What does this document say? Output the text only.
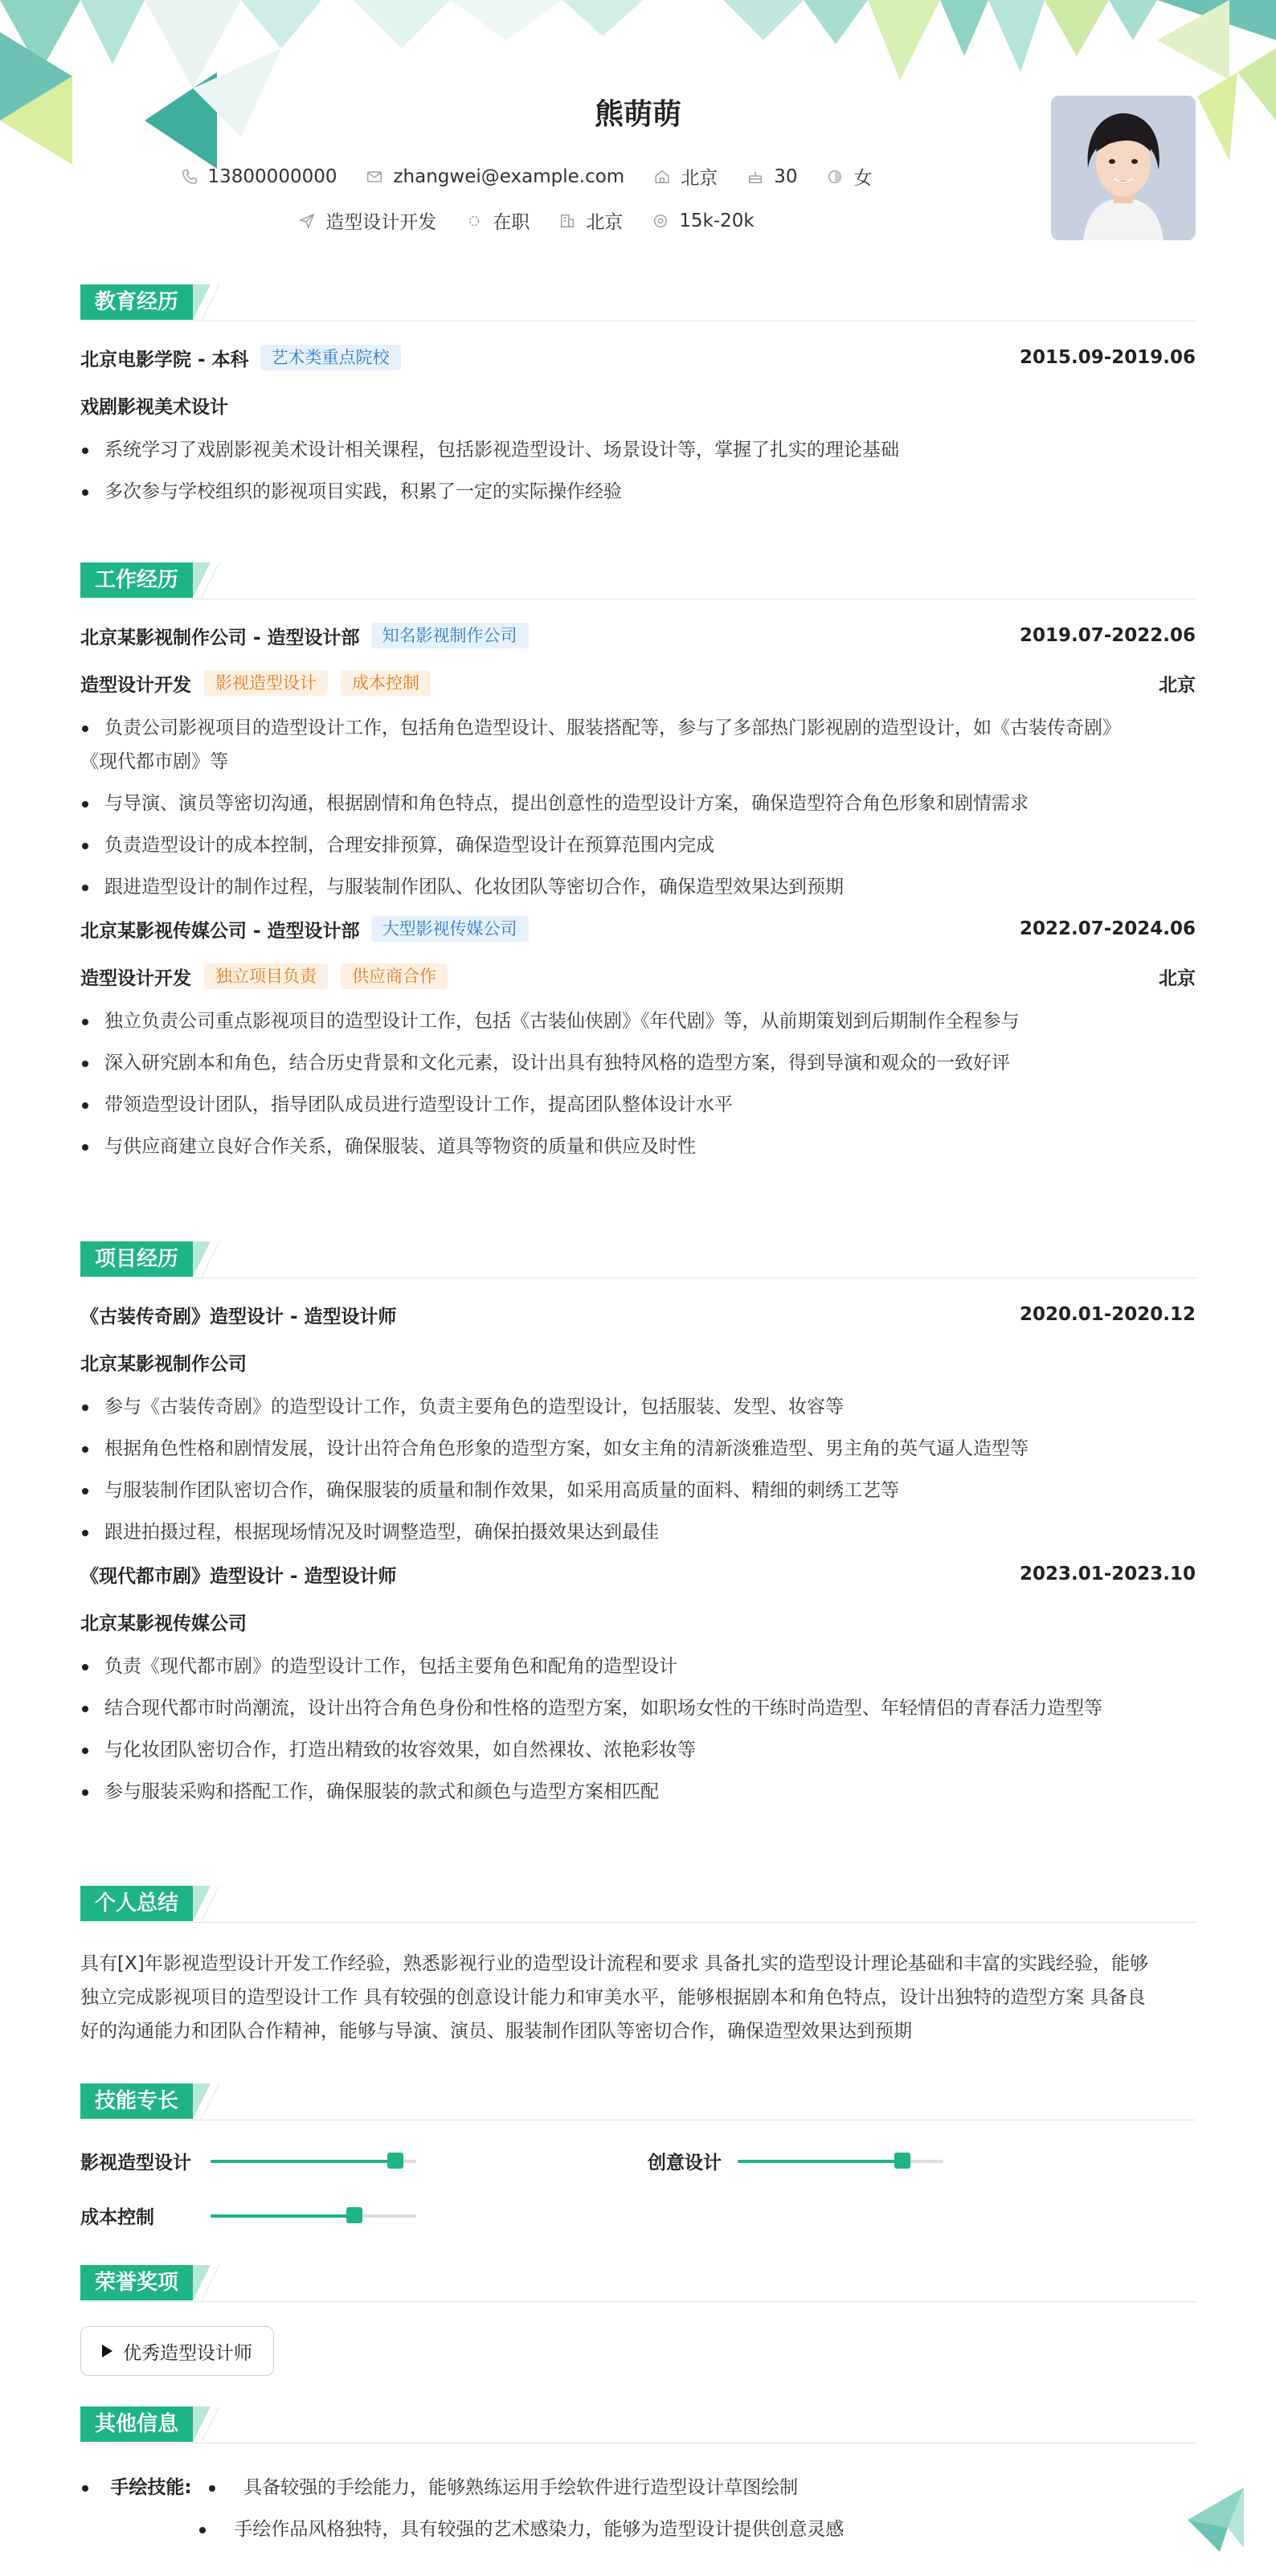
熊萌萌
13800000000	zhangwei@example.com	北京	30	女
造型设计开发	在职	北京	15k-20k
教育经历
北京电影学院 - 本科	艺术类重点院校	2015.09-2019.06
戏剧影视美术设计
系统学习了戏剧影视美术设计相关课程，包括影视造型设计、场景设计等，掌握了扎实的理论基础
多次参与学校组织的影视项目实践，积累了一定的实际操作经验
工作经历
北京某影视制作公司 - 造型设计部	知名影视制作公司	2019.07-2022.06
造型设计开发	影视造型设计	成本控制	北京
负责公司影视项目的造型设计工作，包括角色造型设计、服装搭配等，参与了多部热门影视剧的造型设计，如《古装传奇剧》
《现代都市剧》等
与导演、演员等密切沟通，根据剧情和角色特点，提出创意性的造型设计方案，确保造型符合角色形象和剧情需求
负责造型设计的成本控制，合理安排预算，确保造型设计在预算范围内完成
跟进造型设计的制作过程，与服装制作团队、化妆团队等密切合作，确保造型效果达到预期
北京某影视传媒公司 - 造型设计部	大型影视传媒公司	2022.07-2024.06
造型设计开发	独立项目负责	供应商合作	北京
独立负责公司重点影视项目的造型设计工作，包括《古装仙侠剧》《年代剧》等，从前期策划到后期制作全程参与
深入研究剧本和角色，结合历史背景和文化元素，设计出具有独特风格的造型方案，得到导演和观众的一致好评
带领造型设计团队，指导团队成员进行造型设计工作，提高团队整体设计水平
与供应商建立良好合作关系，确保服装、道具等物资的质量和供应及时性
项目经历
《古装传奇剧》造型设计 - 造型设计师	2020.01-2020.12
北京某影视制作公司
参与《古装传奇剧》的造型设计工作，负责主要角色的造型设计，包括服装、发型、妆容等
根据角色性格和剧情发展，设计出符合角色形象的造型方案，如女主角的清新淡雅造型、男主角的英气逼人造型等
与服装制作团队密切合作，确保服装的质量和制作效果，如采用高质量的面料、精细的刺绣工艺等
跟进拍摄过程，根据现场情况及时调整造型，确保拍摄效果达到最佳
《现代都市剧》造型设计 - 造型设计师	2023.01-2023.10
北京某影视传媒公司
负责《现代都市剧》的造型设计工作，包括主要角色和配角的造型设计
结合现代都市时尚潮流，设计出符合角色身份和性格的造型方案，如职场女性的干练时尚造型、年轻情侣的青春活力造型等
与化妆团队密切合作，打造出精致的妆容效果，如自然裸妆、浓艳彩妆等
参与服装采购和搭配工作，确保服装的款式和颜色与造型方案相匹配
个人总结
具有[X]年影视造型设计开发工作经验，熟悉影视行业的造型设计流程和要求 具备扎实的造型设计理论基础和丰富的实践经验，能够
独立完成影视项目的造型设计工作 具有较强的创意设计能力和审美水平，能够根据剧本和角色特点，设计出独特的造型方案 具备良
好的沟通能力和团队合作精神，能够与导演、演员、服装制作团队等密切合作，确保造型效果达到预期
技能专长
影视造型设计	创意设计
成本控制
荣誉奖项
优秀造型设计师
其他信息
手绘技能:	具备较强的手绘能力，能够熟练运用手绘软件进行造型设计草图绘制
手绘作品风格独特，具有较强的艺术感染力，能够为造型设计提供创意灵感
